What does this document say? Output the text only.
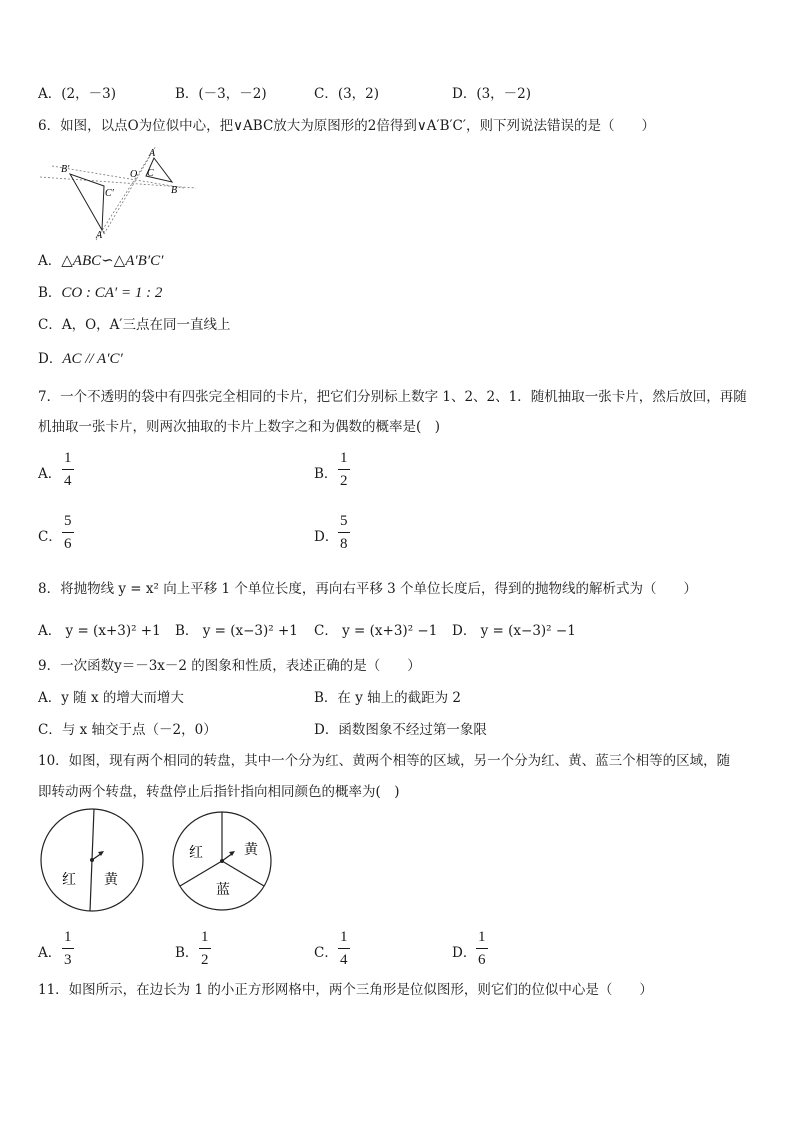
A．(2，－3)	B．(－3，－2)	C．(3，2)	D．(3，－2)
6．如图，以点O为位似中心，把∨ABC放大为原图形的2倍得到∨A′B′C′，则下列说法错误的是（　　）
A
C
B
O
B′
C′
A′
A．△ABC∽△A′B′C′
B．CO : CA′ = 1 : 2
C．A，O，A′三点在同一直线上
D．AC // A′C′
7．一个不透明的袋中有四张完全相同的卡片，把它们分别标上数字 1、2、2、1．随机抽取一张卡片，然后放回，再随
机抽取一张卡片，则两次抽取的卡片上数字之和为偶数的概率是(　)
A．
1
4	B．
1
2
C．
5
6	D．
5
8
8．将抛物线 y = x² 向上平移 1 个单位长度，再向右平移 3 个单位长度后，得到的抛物线的解析式为（　　）
A． y = (x+3)² +1 B． y = (x−3)² +1 C． y = (x+3)² −1 D． y = (x−3)² −1
9．一次函数y＝－3x－2 的图象和性质，表述正确的是（　　）
A．y 随 x 的增大而增大	B．在 y 轴上的截距为 2
C．与 x 轴交于点（－2，0）	D．函数图象不经过第一象限
10．如图，现有两个相同的转盘，其中一个分为红、黄两个相等的区域，另一个分为红、黄、蓝三个相等的区域，随
即转动两个转盘，转盘停止后指针指向相同颜色的概率为(　)
红 黄
红	黄
蓝
A．
1
3	B．
1
2	C．
1
4	D．
1
6
11．如图所示，在边长为 1 的小正方形网格中，两个三角形是位似图形，则它们的位似中心是（　　）
